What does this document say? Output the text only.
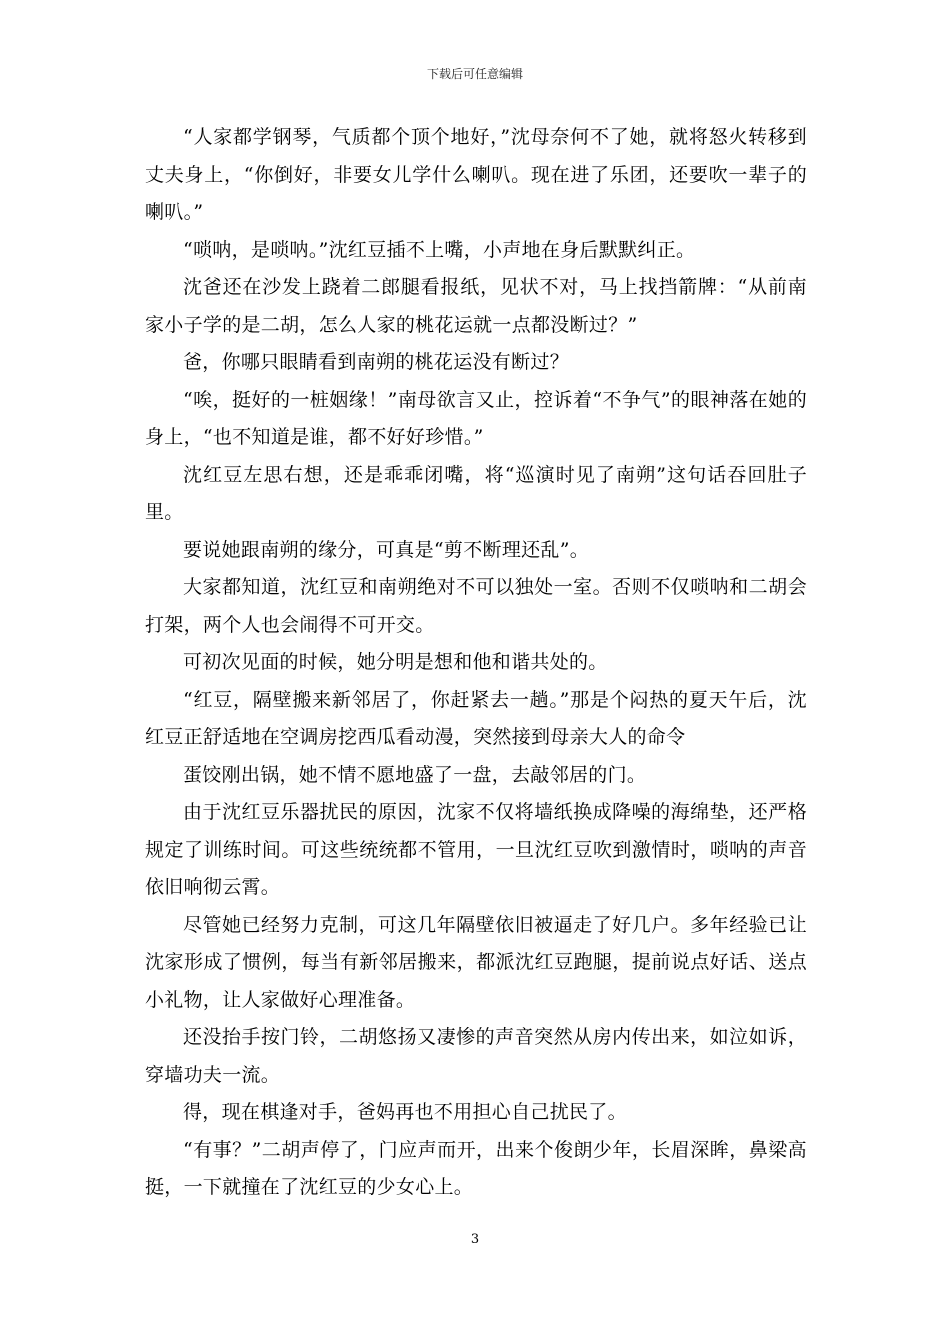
下载后可任意编辑

“人家都学钢琴，气质都个顶个地好，”沈母奈何不了她，就将怒火转移到丈夫身上，“你倒好，非要女儿学什么喇叭。现在进了乐团，还要吹一辈子的喇叭。”

“唢呐，是唢呐。”沈红豆插不上嘴，小声地在身后默默纠正。

沈爸还在沙发上跷着二郎腿看报纸，见状不对，马上找挡箭牌：“从前南家小子学的是二胡，怎么人家的桃花运就一点都没断过？”

爸，你哪只眼睛看到南朔的桃花运没有断过？

“唉，挺好的一桩姻缘！”南母欲言又止，控诉着“不争气”的眼神落在她的身上，“也不知道是谁，都不好好珍惜。”

沈红豆左思右想，还是乖乖闭嘴，将“巡演时见了南朔”这句话吞回肚子里。

要说她跟南朔的缘分，可真是“剪不断理还乱”。

大家都知道，沈红豆和南朔绝对不可以独处一室。否则不仅唢呐和二胡会打架，两个人也会闹得不可开交。

可初次见面的时候，她分明是想和他和谐共处的。

“红豆，隔壁搬来新邻居了，你赶紧去一趟。”那是个闷热的夏天午后，沈红豆正舒适地在空调房挖西瓜看动漫，突然接到母亲大人的命令

蛋饺刚出锅，她不情不愿地盛了一盘，去敲邻居的门。

由于沈红豆乐器扰民的原因，沈家不仅将墙纸换成降噪的海绵垫，还严格规定了训练时间。可这些统统都不管用，一旦沈红豆吹到激情时，唢呐的声音依旧响彻云霄。

尽管她已经努力克制，可这几年隔壁依旧被逼走了好几户。多年经验已让沈家形成了惯例，每当有新邻居搬来，都派沈红豆跑腿，提前说点好话、送点小礼物，让人家做好心理准备。

还没抬手按门铃，二胡悠扬又凄惨的声音突然从房内传出来，如泣如诉，穿墙功夫一流。

得，现在棋逢对手，爸妈再也不用担心自己扰民了。

“有事？”二胡声停了，门应声而开，出来个俊朗少年，长眉深眸，鼻梁高挺，一下就撞在了沈红豆的少女心上。

3
